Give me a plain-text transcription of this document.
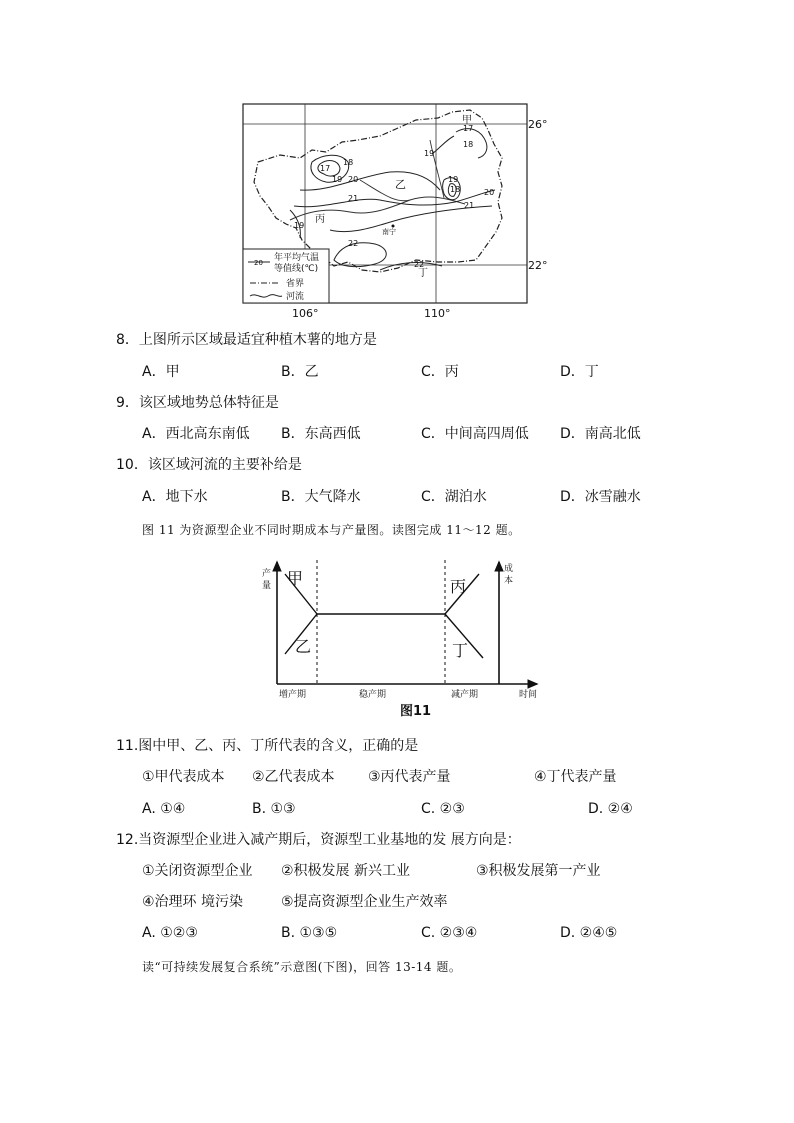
17
18
19
17
18
19 20
18
19
21
19
20
21
22
22
甲
乙
丙
丁
南宁
26°
22°
106°	110°
20 年平均气温
等值线(℃)
省界
河流
8．上图所示区域最适宜种植木薯的地方是
A．甲	B．乙	C．丙	D．丁
9．该区域地势总体特征是
A．西北高东南低 B．东高西低	C．中间高四周低 D．南高北低
10．该区域河流的主要补给是
A．地下水	B．大气降水	C．湖泊水	D．冰雪融水
图 11 为资源型企业不同时期成本与产量图。读图完成 11～12 题。
产
量
成
本
甲
乙
丙
丁
增产期	稳产期	减产期	时间
图11
11.图中甲、乙、丙、丁所代表的含义，正确的是
①甲代表成本 ②乙代表成本 ③丙代表产量	④丁代表产量
A. ①④	B. ①③	C. ②③	D. ②④
12.当资源型企业进入减产期后，资源型工业基地的发 展方向是：
①关闭资源型企业 ②积极发展 新兴工业	③积极发展第一产业
④治理环 境污染	⑤提高资源型企业生产效率
A. ①②③	B. ①③⑤	C. ②③④	D. ②④⑤
读“可持续发展复合系统”示意图(下图)，回答 13-14 题。
